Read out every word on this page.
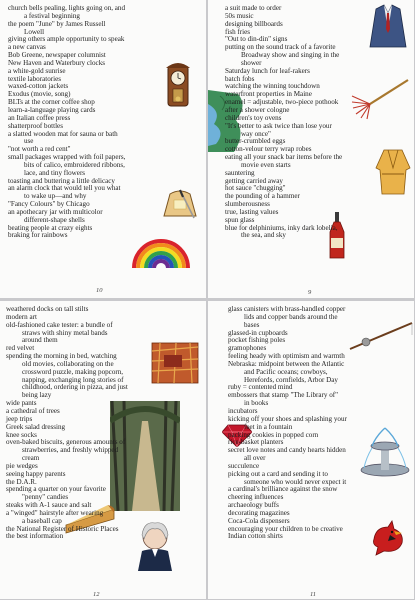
church bells pealing, lights going on, and
a festival beginning
the poem "June" by James Russell
Lowell
giving others ample opportunity to speak
a new canvas
Bob Greene, newspaper columnist
New Haven and Waterbury clocks
a white-gold sunrise
textile laboratories
waxed-cotton jackets
Exodus (movie, song)
BLTs at the corner coffee shop
learn-a-language playing cards
an Italian coffee press
shatterproof bottles
a slatted wooden mat for sauna or bath
use
"not worth a red cent"
small packages wrapped with foil papers,
bits of calico, embroidered ribbons,
lace, and tiny flowers
toasting and buttering a little delicacy
an alarm clock that would tell you what
to wake up—and why
"Fancy Colours" by Chicago
an apothecary jar with multicolor
different-shape shells
beating people at crazy eights
braking for rainbows
10
a suit made to order
50s music
designing billboards
fish fries
"Out to din-din" signs
putting on the sound track of a favorite
Broadway show and singing in the
shower
Saturday lunch for leaf-rakers
batch fobs
watching the winning touchdown
waterfront properties in Maine
enamel = adjustable, two-piece pothook
after a shower cologne
children's toy ovens
"It's better to ask twice than lose your
way once"
butter-crumbled eggs
cotton-velour terry wrap robes
eating all your snack bar items before the
movie even starts
sauntering
getting carried away
hot sauce "chugging"
the pounding of a hammer
slumberousness
true, lasting values
spun glass
blue for delphiniums, inky dark lobelia,
the sea, and sky
9
weathered docks on tall stilts
modern art
old-fashioned cake tester: a bundle of
straws with shiny metal bands
around them
red velvet
spending the morning in bed, watching
old movies, collaborating on the
crossword puzzle, making popcorn,
napping, exchanging long stories of
childhood, ordering in pizza, and just
being lazy
wide pants
a cathedral of trees
jeep trips
Greek salad dressing
knee socks
oven-baked biscuits, generous amounts of
strawberries, and freshly whipped
cream
pie wedges
seeing happy parents
the D.A.R.
spending a quarter on your favorite
"penny" candies
steaks with A-1 sauce and salt
a "winged" hairstyle after wearing
a baseball cap
the National Register of Historic Places
the best information
12
glass canisters with brass-handled copper
lids and copper bands around the
bases
glassed-in cupboards
pocket fishing poles
gramophones
feeling heady with optimism and warmth
Nebraska: midpoint between the Atlantic
and Pacific oceans; cowboys,
Herefords, cornfields, Arbor Day
ruby = contented mind
embossers that stamp "The Library of"
in books
incubators
kicking off your shoes and splashing your
feet in a fountain
packing cookies in popped corn
rice-basket planters
secret love notes and candy hearts hidden
all over
succulence
picking out a card and sending it to
someone who would never expect it
a cardinal's brilliance against the snow
cheering influences
archaeology buffs
decorating magazines
Coca-Cola dispensers
encouraging your children to be creative
Indian cotton shirts
11
